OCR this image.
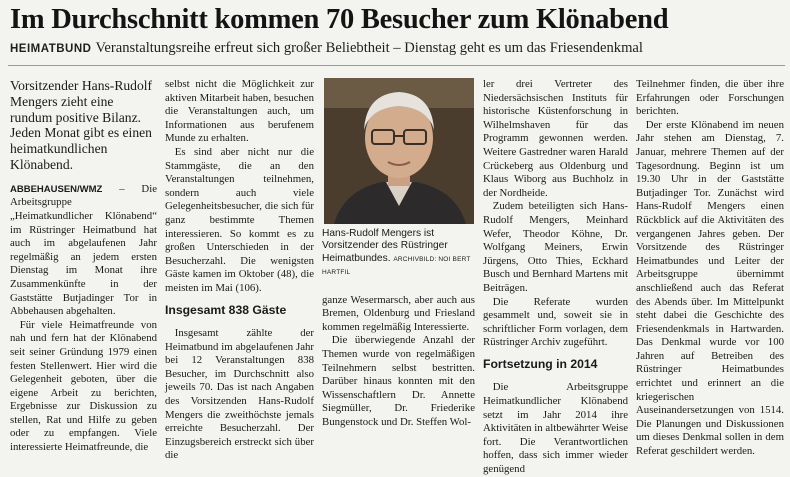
Im Durchschnitt kommen 70 Besucher zum Klönabend
HEIMATBUND Veranstaltungsreihe erfreut sich großer Beliebtheit – Dienstag geht es um das Friesendenkmal
Vorsitzender Hans-Rudolf Mengers zieht eine rundum positive Bilanz. Jeden Monat gibt es einen heimatkundlichen Klönabend.

ABBEHAUSEN/WMZ – Die Arbeitsgruppe „Heimatkundlicher Klönabend“ im Rüstringer Heimatbund hat auch im abgelaufenen Jahr regelmäßig an jedem ersten Dienstag im Monat ihre Zusammenkünfte in der Gaststätte Butjadinger Tor in Abbehausen abgehalten.

Für viele Heimatfreunde von nah und fern hat der Klönabend seit seiner Gründung 1979 einen festen Stellenwert. Hier wird die Gelegenheit geboten, über die eigene Arbeit zu berichten, Ergebnisse zur Diskussion zu stellen, Rat und Hilfe zu geben oder zu empfangen. Viele interessierte Heimatfreunde, die

selbst nicht die Möglichkeit zur aktiven Mitarbeit haben, besuchen die Veranstaltungen auch, um Informationen aus berufenem Munde zu erhalten.

Es sind aber nicht nur die Stammgäste, die an den Veranstaltungen teilnehmen, sondern auch viele Gelegenheitsbesucher, die sich für ganz bestimmte Themen interessieren. So kommt es zu großen Unterschieden in der Besucherzahl. Die wenigsten Gäste kamen im Oktober (48), die meisten im Mai (106).

Insgesamt 838 Gäste

Insgesamt zählte der Heimatbund im abgelaufenen Jahr bei 12 Veranstaltungen 838 Besucher, im Durchschnitt also jeweils 70. Das ist nach Angaben des Vorsitzenden Hans-Rudolf Mengers die zweithöchste jemals erreichte Besucherzahl. Der Einzugsbereich erstreckt sich über die

Hans-Rudolf Mengers ist Vorsitzender des Rüstringer Heimatbundes. ARCHIVBILD: NOI BERT HARTFIL

ganze Wesermarsch, aber auch aus Bremen, Oldenburg und Friesland kommen regelmäßig Interessierte.

Die überwiegende Anzahl der Themen wurde von regelmäßigen Teilnehmern selbst bestritten. Darüber hinaus konnten mit den Wissenschaftlern Dr. Annette Siegmüller, Dr. Friederike Bungenstock und Dr. Steffen Wol-

ler drei Vertreter des Niedersächsischen Instituts für historische Küstenforschung in Wilhelmshaven für das Programm gewonnen werden. Weitere Gastredner waren Harald Crückeberg aus Oldenburg und Klaus Wiborg aus Buchholz in der Nordheide.

Zudem beteiligten sich Hans-Rudolf Mengers, Meinhard Wefer, Theodor Köhne, Dr. Wolfgang Meiners, Erwin Jürgens, Otto Thies, Eckhard Busch und Bernhard Martens mit Beiträgen.

Die Referate wurden gesammelt und, soweit sie in schriftlicher Form vorlagen, dem Rüstringer Archiv zugeführt.

Fortsetzung in 2014

Die Arbeitsgruppe Heimatkundlicher Klönabend setzt im Jahr 2014 ihre Aktivitäten in altbewährter Weise fort. Die Verantwortlichen hoffen, dass sich immer wieder genügend

Teilnehmer finden, die über ihre Erfahrungen oder Forschungen berichten.

Der erste Klönabend im neuen Jahr stehen am Dienstag, 7. Januar, mehrere Themen auf der Tagesordnung. Beginn ist um 19.30 Uhr in der Gaststätte Butjadinger Tor. Zunächst wird Hans-Rudolf Mengers einen Rückblick auf die Aktivitäten des vergangenen Jahres geben. Der Vorsitzende des Rüstringer Heimatbundes und Leiter der Arbeitsgruppe übernimmt anschließend auch das Referat des Abends über. Im Mittelpunkt steht dabei die Geschichte des Friesendenkmals in Hartwarden. Das Denkmal wurde vor 100 Jahren auf Betreiben des Rüstringer Heimatbundes errichtet und erinnert an die kriegerischen Auseinandersetzungen von 1514. Die Planungen und Diskussionen um dieses Denkmal sollen in dem Referat geschildert werden.
